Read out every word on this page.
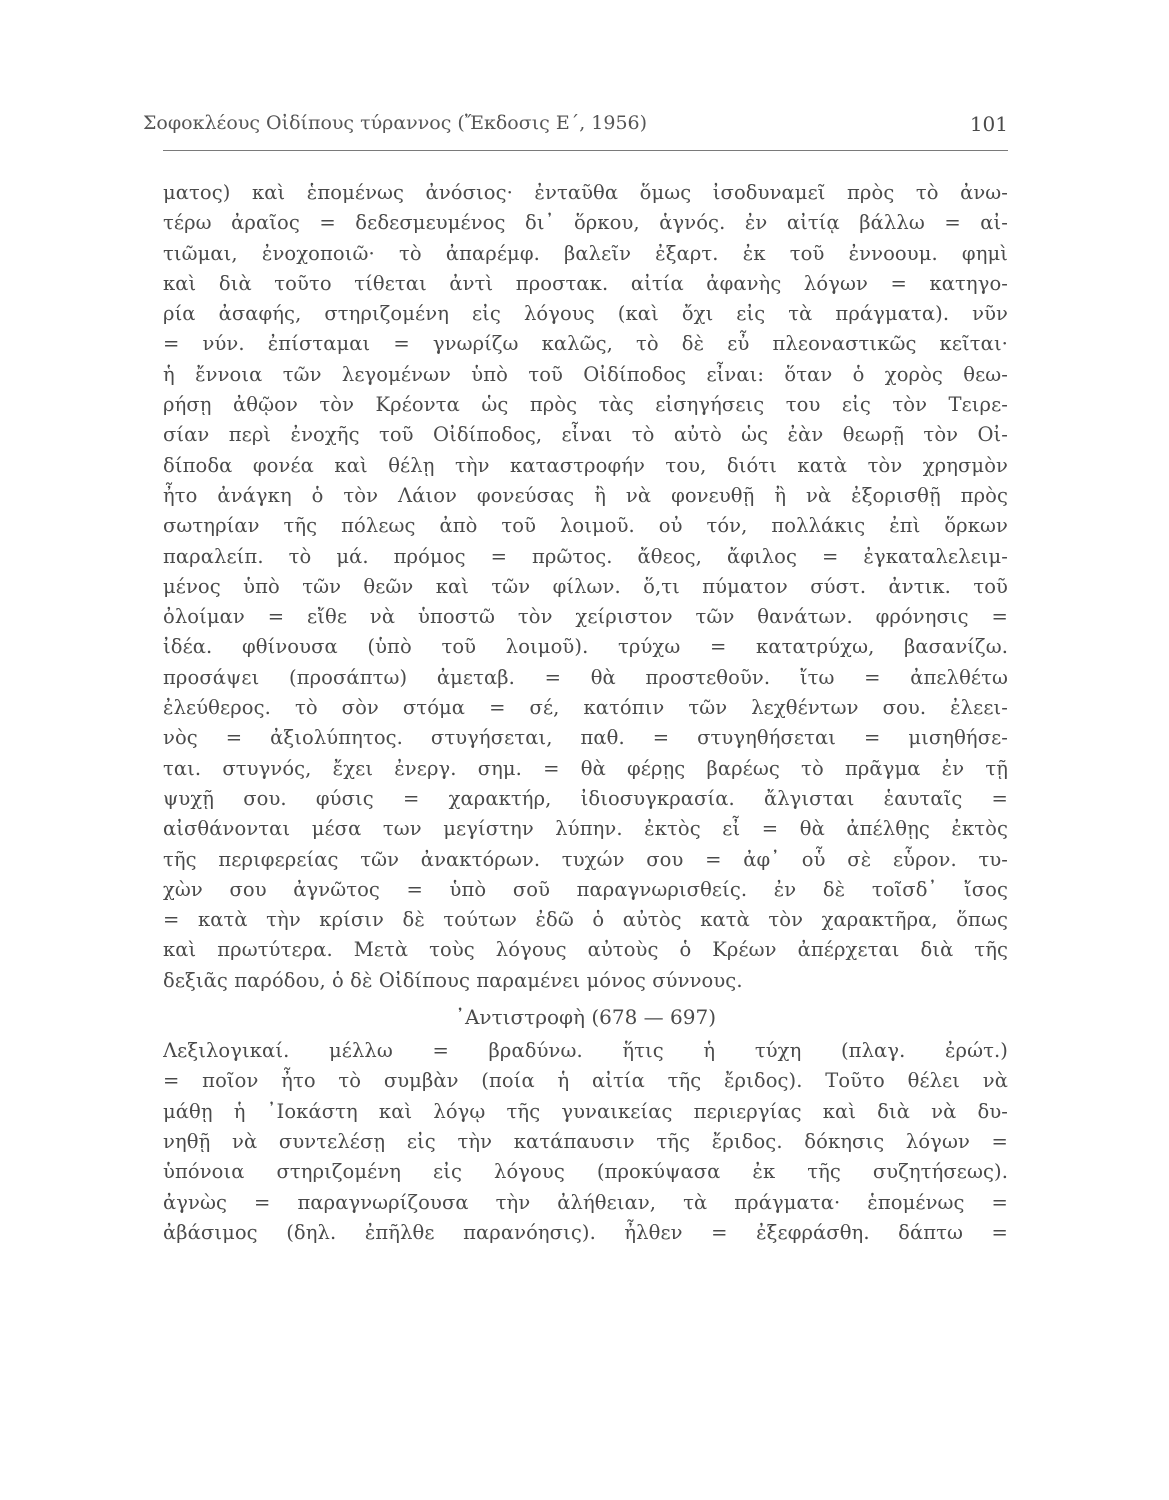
Σοφοκλέους Οἰδίπους τύραννος (Ἔκδοσις Ε΄, 1956)	101
ματος) καὶ ἑπομένως ἀνόσιος· ἐνταῦθα ὅμως ἰσοδυναμεῖ πρὸς τὸ ἀνω-
τέρω ἀραῖος = δεδεσμευμένος δι᾽ ὅρκου, ἁγνός. ἐν αἰτίᾳ βάλλω = αἰ-
τιῶμαι, ἐνοχοποιῶ· τὸ ἀπαρέμφ. βαλεῖν ἐξαρτ. ἐκ τοῦ ἐννοουμ. φημὶ
καὶ διὰ τοῦτο τίθεται ἀντὶ προστακ. αἰτία ἀφανὴς λόγων = κατηγο-
ρία ἀσαφής, στηριζομένη εἰς λόγους (καὶ ὄχι εἰς τὰ πράγματα). νῦν
= νύν. ἐπίσταμαι = γνωρίζω καλῶς, τὸ δὲ εὖ πλεοναστικῶς κεῖται·
ἡ ἔννοια τῶν λεγομένων ὑπὸ τοῦ Οἰδίποδος εἶναι: ὅταν ὁ χορὸς θεω-
ρήσῃ ἀθῷον τὸν Κρέοντα ὡς πρὸς τὰς εἰσηγήσεις του εἰς τὸν Τειρε-
σίαν περὶ ἐνοχῆς τοῦ Οἰδίποδος, εἶναι τὸ αὐτὸ ὡς ἐὰν θεωρῇ τὸν Οἰ-
δίποδα φονέα καὶ θέλῃ τὴν καταστροφήν του, διότι κατὰ τὸν χρησμὸν
ἦτο ἀνάγκη ὁ τὸν Λάιον φονεύσας ἢ νὰ φονευθῇ ἢ νὰ ἐξορισθῇ πρὸς
σωτηρίαν τῆς πόλεως ἀπὸ τοῦ λοιμοῦ. οὐ τόν, πολλάκις ἐπὶ ὅρκων
παραλείπ. τὸ μά. πρόμος = πρῶτος. ἄθεος, ἄφιλος = ἐγκαταλελειμ-
μένος ὑπὸ τῶν θεῶν καὶ τῶν φίλων. ὅ,τι πύματον σύστ. ἀντικ. τοῦ
ὀλοίμαν = εἴθε νὰ ὑποστῶ τὸν χείριστον τῶν θανάτων. φρόνησις =
ἰδέα. φθίνουσα (ὑπὸ τοῦ λοιμοῦ). τρύχω = κατατρύχω, βασανίζω.
προσάψει (προσάπτω) ἀμεταβ. = θὰ προστεθοῦν. ἴτω = ἀπελθέτω
ἐλεύθερος. τὸ σὸν στόμα = σέ, κατόπιν τῶν λεχθέντων σου. ἐλεει-
νὸς = ἀξιολύπητος. στυγήσεται, παθ. = στυγηθήσεται = μισηθήσε-
ται. στυγνός, ἔχει ἐνεργ. σημ. = θὰ φέρῃς βαρέως τὸ πρᾶγμα ἐν τῇ
ψυχῇ σου. φύσις = χαρακτήρ, ἰδιοσυγκρασία. ἄλγισται ἑαυταῖς =
αἰσθάνονται μέσα των μεγίστην λύπην. ἐκτὸς εἶ = θὰ ἀπέλθῃς ἐκτὸς
τῆς περιφερείας τῶν ἀνακτόρων. τυχών σου = ἀφ᾽ οὗ σὲ εὗρον. τυ-
χὼν σου ἀγνῶτος = ὑπὸ σοῦ παραγνωρισθείς. ἐν δὲ τοῖσδ᾽ ἴσος
= κατὰ τὴν κρίσιν δὲ τούτων ἐδῶ ὁ αὐτὸς κατὰ τὸν χαρακτῆρα, ὅπως
καὶ πρωτύτερα. Μετὰ τοὺς λόγους αὐτοὺς ὁ Κρέων ἀπέρχεται διὰ τῆς
δεξιᾶς παρόδου, ὁ δὲ Οἰδίπους παραμένει μόνος σύννους.
᾿Αντιστροφὴ (678 — 697)
Λεξιλογικαί. μέλλω = βραδύνω. ἥτις ἡ τύχη (πλαγ. ἐρώτ.)
= ποῖον ἦτο τὸ συμβὰν (ποία ἡ αἰτία τῆς ἔριδος). Τοῦτο θέλει νὰ
μάθῃ ἡ ᾿Ιοκάστη καὶ λόγῳ τῆς γυναικείας περιεργίας καὶ διὰ νὰ δυ-
νηθῇ νὰ συντελέσῃ εἰς τὴν κατάπαυσιν τῆς ἔριδος. δόκησις λόγων =
ὑπόνοια στηριζομένη εἰς λόγους (προκύψασα ἐκ τῆς συζητήσεως).
ἀγνὼς = παραγνωρίζουσα τὴν ἀλήθειαν, τὰ πράγματα· ἑπομένως =
ἀβάσιμος (δηλ. ἐπῆλθε παρανόησις). ἦλθεν = ἐξεφράσθη. δάπτω =
